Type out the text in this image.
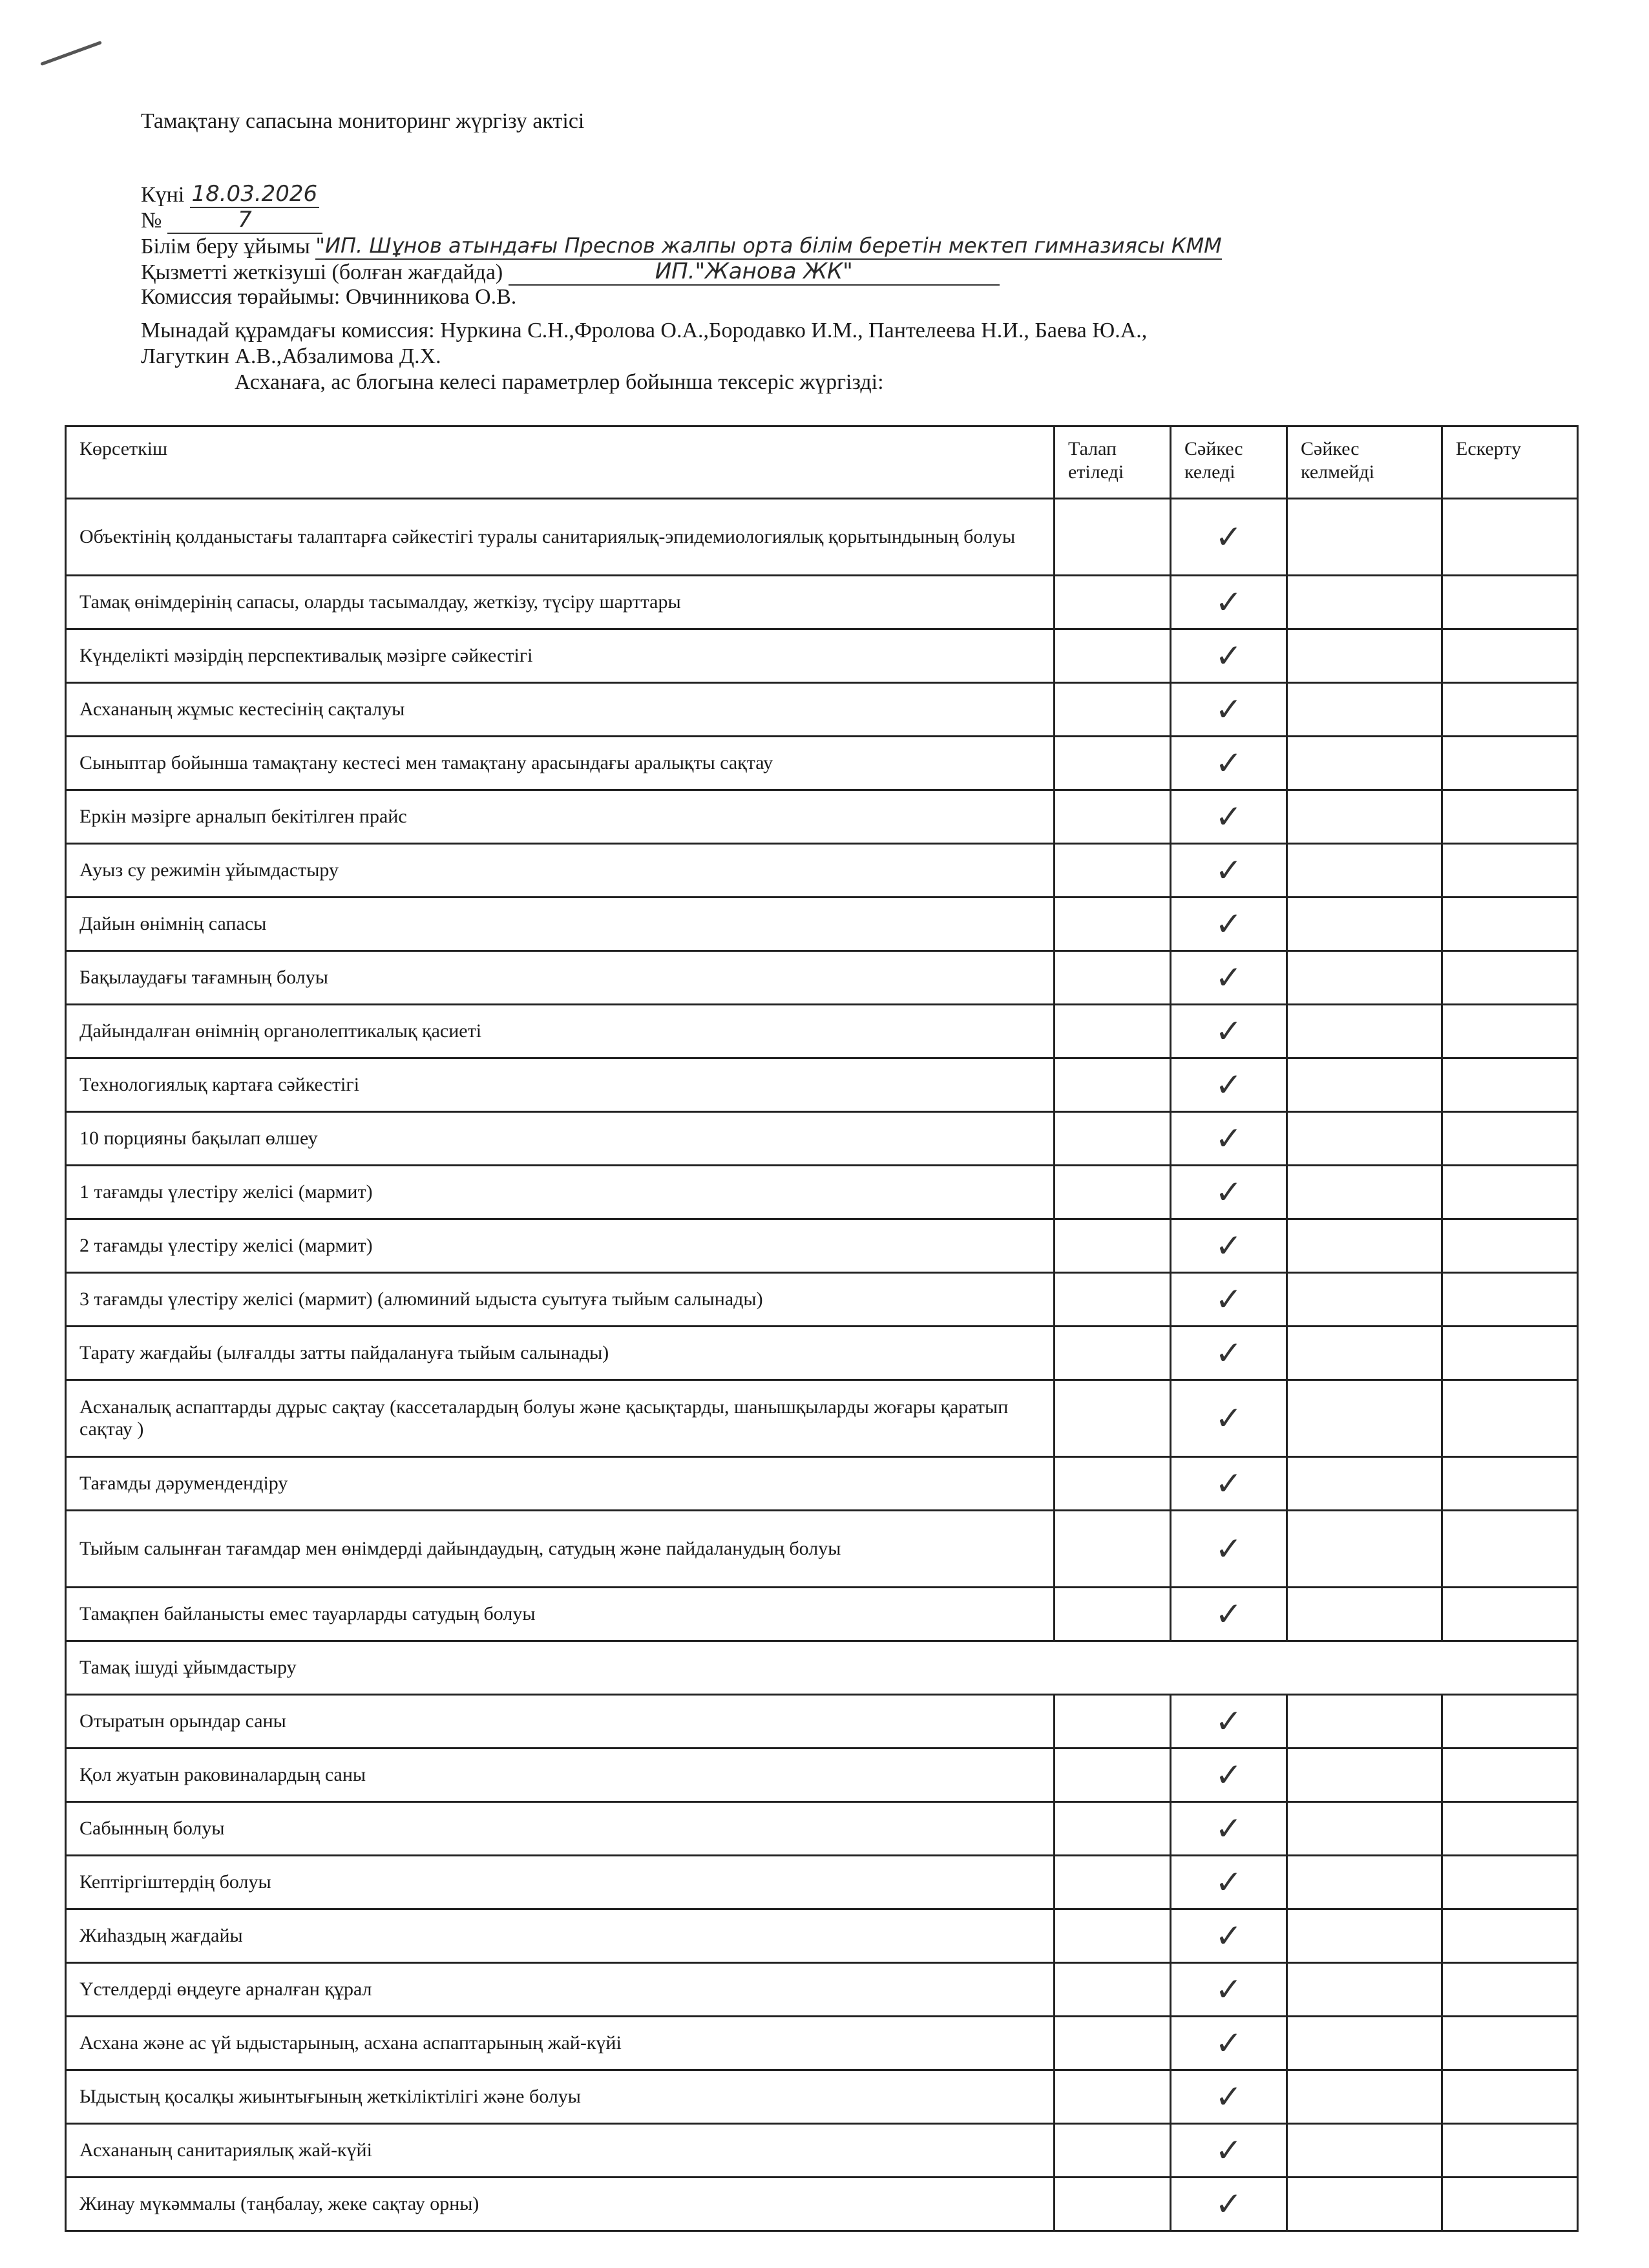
Тамақтану сапасына мониторинг жүргізу актісі
Күні 18.03.2026
№	7
Білім беру ұйымы "ИП. Шұнов атындағы Пресnов жалпы орта білім беретін мектеп гимназиясы КММ
Қызметті жеткізуші (болған жағдайда)	ИП."Жанова ЖК"
Комиссия төрайымы: Овчинникова О.В.
Мынадай құрамдағы комиссия: Нуркина С.Н.,Фролова О.А.,Бородавко И.М., Пантелеева Н.И., Баева Ю.А.,
Лагуткин А.В.,Абзалимова Д.Х.
Асханаға, ас блогына келесі параметрлер бойынша тексеріс жүргізді:
Көрсеткіш	Талап етіледі	Сәйкес келеді	Сәйкес келмейді	Ескерту
Объектінің қолданыстағы талаптарға сәйкестігі туралы санитариялық-эпидемиологиялық қорытындының болуы		✓		
Тамақ өнімдерінің сапасы, оларды тасымалдау, жеткізу, түсіру шарттары		✓		
Күнделікті мәзірдің перспективалық мәзірге сәйкестігі		✓		
Асхананың жұмыс кестесінің сақталуы		✓		
Сыныптар бойынша тамақтану кестесі мен тамақтану арасындағы аралықты сақтау		✓		
Еркін мәзірге арналып бекітілген прайс		✓		
Ауыз су режимін ұйымдастыру		✓		
Дайын өнімнің сапасы		✓		
Бақылаудағы тағамның болуы		✓		
Дайындалған өнімнің органолептикалық қасиеті		✓		
Технологиялық картаға сәйкестігі		✓		
10 порцияны бақылап өлшеу		✓		
1 тағамды үлестіру желісі (мармит)		✓		
2 тағамды үлестіру желісі (мармит)		✓		
3 тағамды үлестіру желісі (мармит) (алюминий ыдыста суытуға тыйым салынады)		✓		
Тарату жағдайы (ылғалды затты пайдалануға тыйым салынады)		✓		
Асханалық аспаптарды дұрыс сақтау (кассеталардың болуы және қасықтарды, шанышқыларды жоғары қаратып сақтау )		✓		
Тағамды дәрумендендіру		✓		
Тыйым салынған тағамдар мен өнімдерді дайындаудың, сатудың және пайдаланудың болуы		✓		
Тамақпен байланысты емес тауарларды сатудың болуы		✓		
Тамақ ішуді ұйымдастыру				
Отыратын орындар саны		✓		
Қол жуатын раковиналардың саны		✓		
Сабынның болуы		✓		
Кептіргіштердің болуы		✓		
Жиһаздың жағдайы		✓		
Үстелдерді өңдеуге арналған құрал		✓		
Асхана және ас үй ыдыстарының, асхана аспаптарының жай-күйі		✓		
Ыдыстың қосалқы жиынтығының жеткіліктілігі және болуы		✓		
Асхананың санитариялық жай-күйі		✓		
Жинау мүкәммалы (таңбалау, жеке сақтау орны)		✓		
